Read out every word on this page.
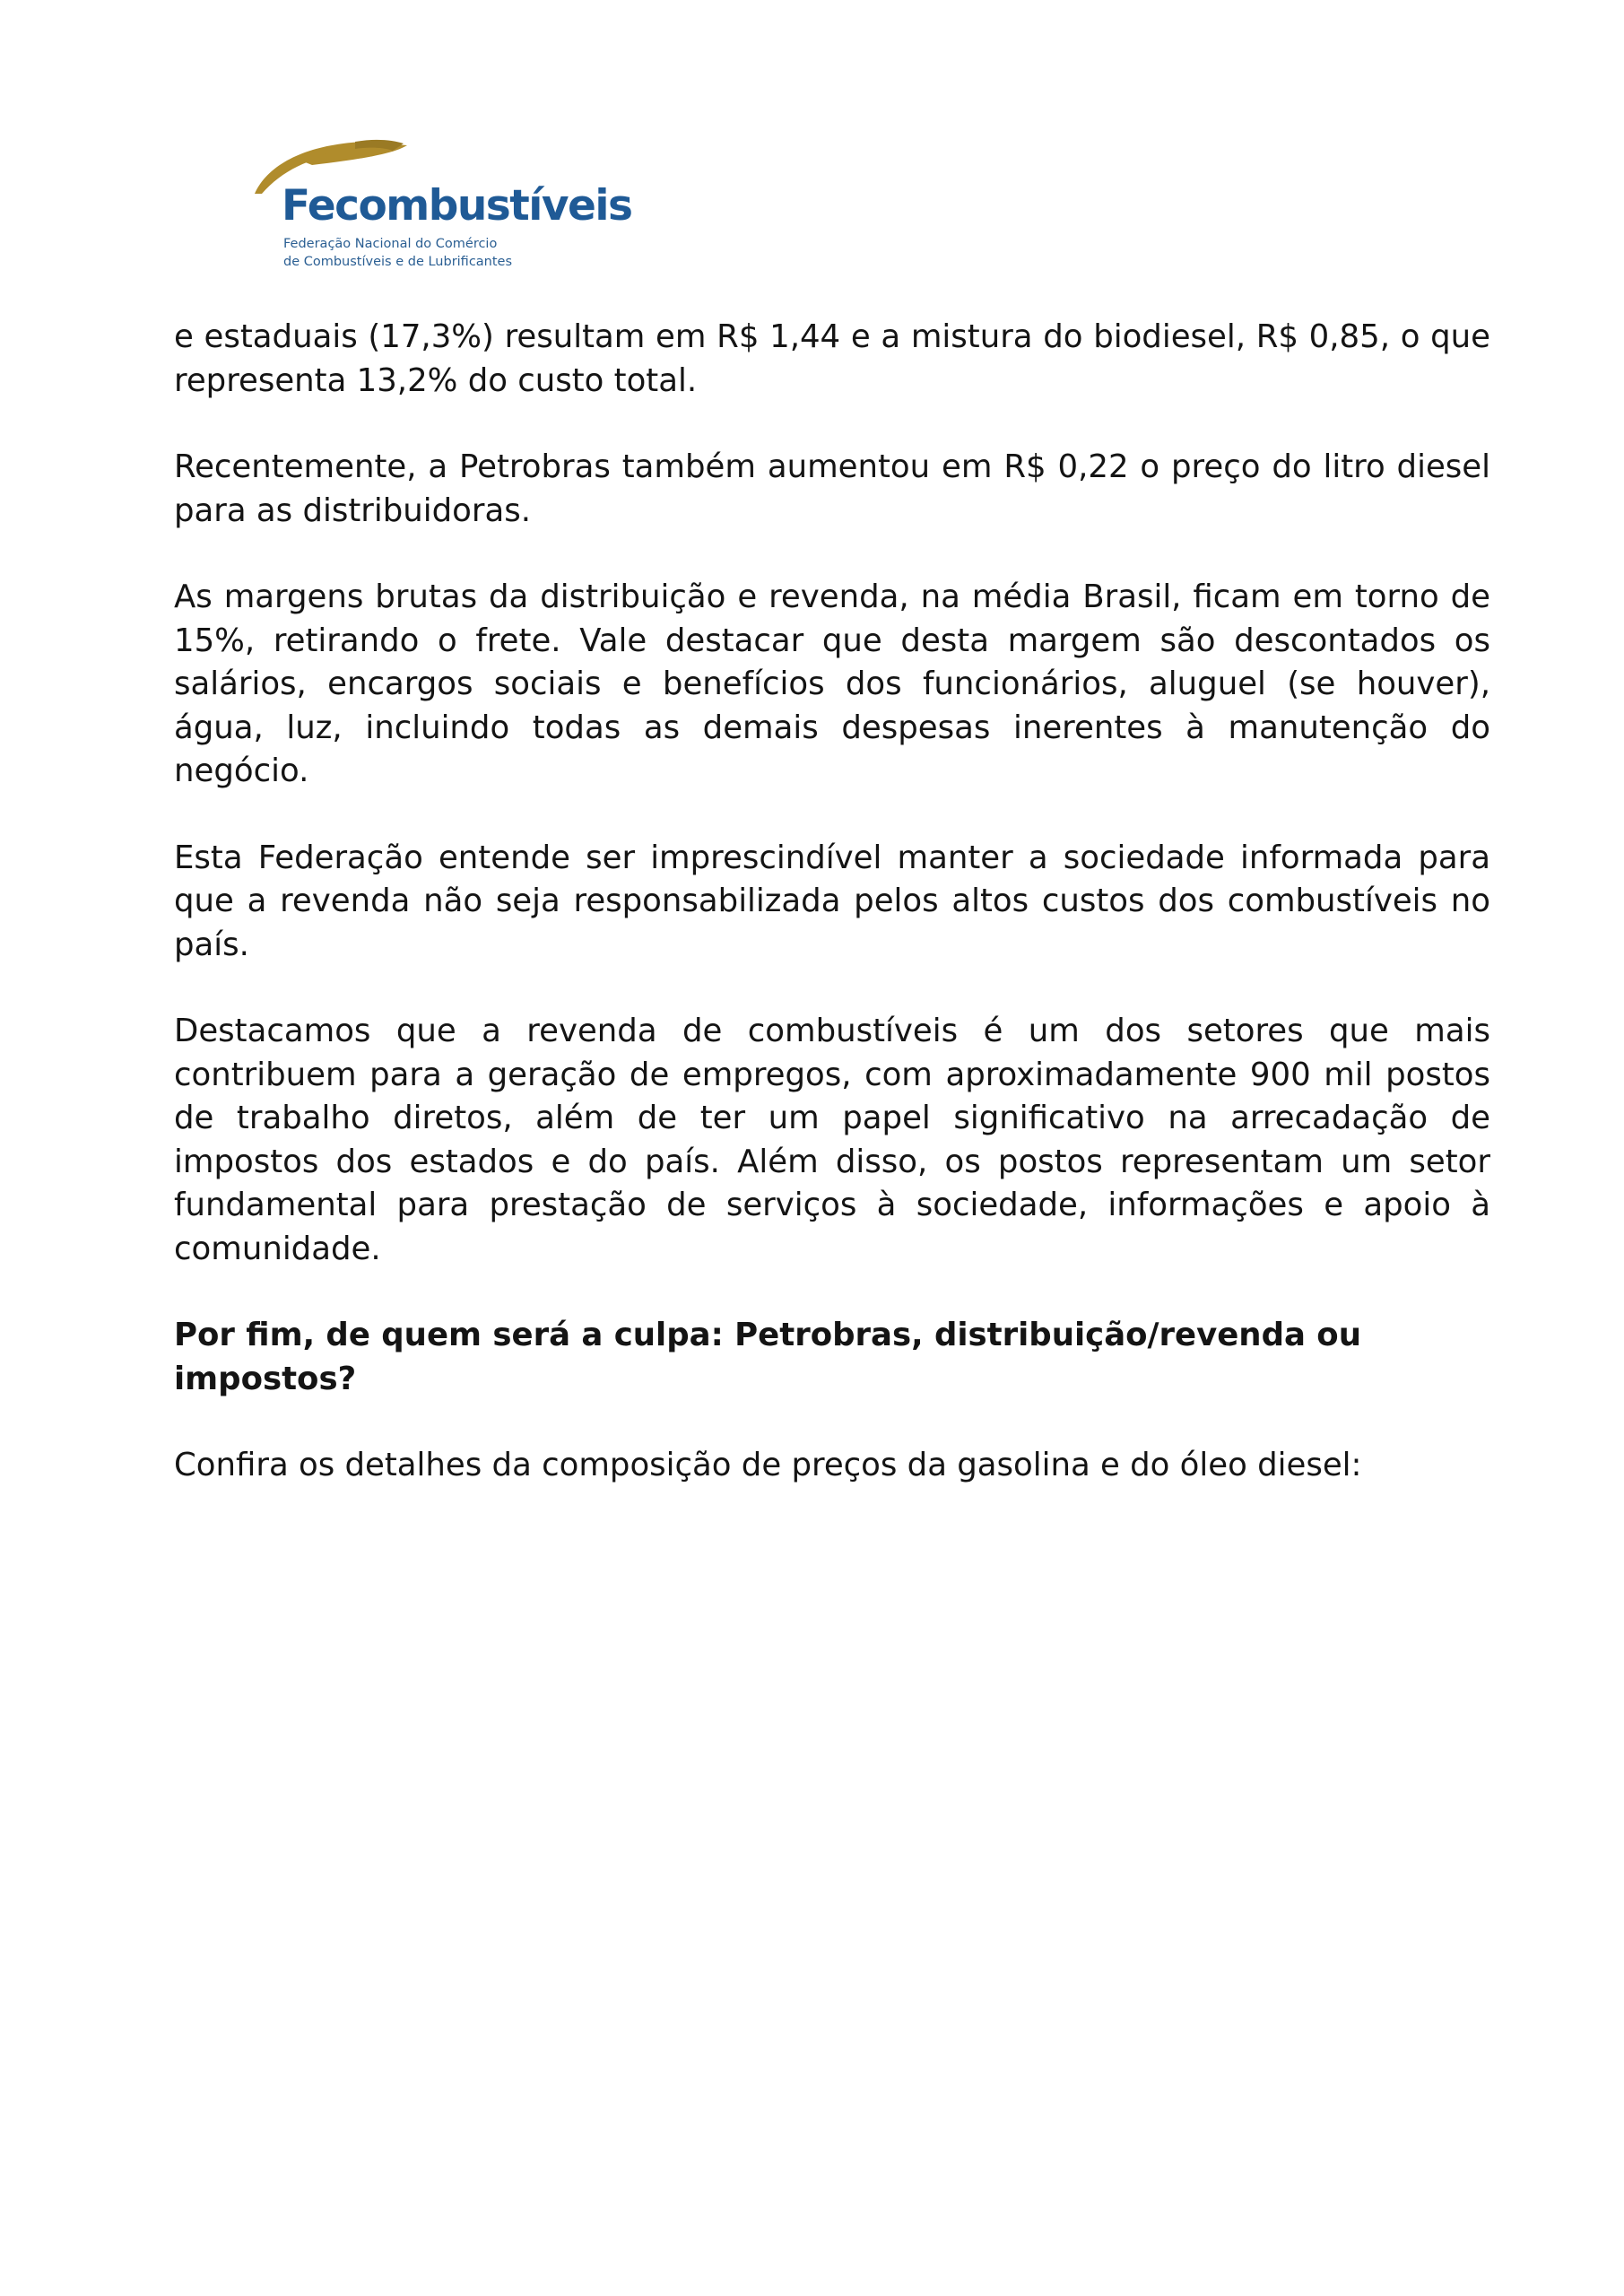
Fecombustíveis
Federação Nacional do Comércio
de Combustíveis e de Lubrificantes

e estaduais (17,3%) resultam em R$ 1,44 e a mistura do biodiesel, R$ 0,85, o que representa 13,2% do custo total.

Recentemente, a Petrobras também aumentou em R$ 0,22 o preço do litro diesel para as distribuidoras.

As margens brutas da distribuição e revenda, na média Brasil, ficam em torno de 15%, retirando o frete. Vale destacar que desta margem são descontados os salários, encargos sociais e benefícios dos funcionários, aluguel (se houver), água, luz, incluindo todas as demais despesas inerentes à manutenção do negócio.

Esta Federação entende ser imprescindível manter a sociedade informada para que a revenda não seja responsabilizada pelos altos custos dos combustíveis no país.

Destacamos que a revenda de combustíveis é um dos setores que mais contribuem para a geração de empregos, com aproximadamente 900 mil postos de trabalho diretos, além de ter um papel significativo na arrecadação de impostos dos estados e do país. Além disso, os postos representam um setor fundamental para prestação de serviços à sociedade, informações e apoio à comunidade.

Por fim, de quem será a culpa: Petrobras, distribuição/revenda ou impostos?

Confira os detalhes da composição de preços da gasolina e do óleo diesel:
